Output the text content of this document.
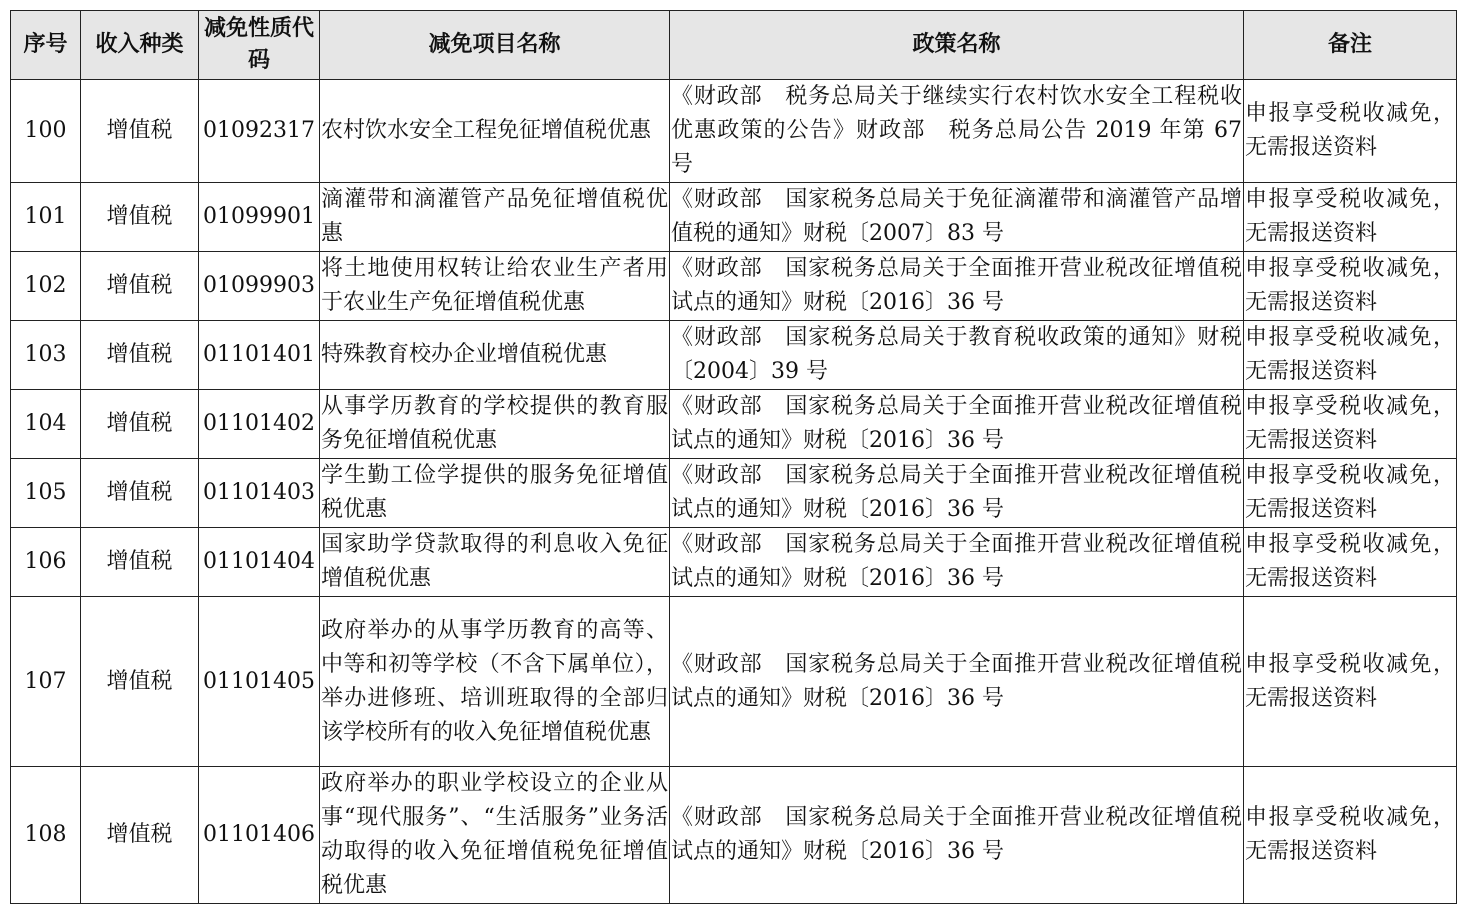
序号	收入种类	减免性质代码	减免项目名称	政策名称	备注
100	增值税	01092317	农村饮水安全工程免征增值税优惠	《财政部　税务总局关于继续实行农村饮水安全工程税收优惠政策的公告》财政部　税务总局公告 2019 年第 67 号	申报享受税收减免，无需报送资料
101	增值税	01099901	滴灌带和滴灌管产品免征增值税优惠	《财政部　国家税务总局关于免征滴灌带和滴灌管产品增值税的通知》财税〔2007〕83 号	申报享受税收减免，无需报送资料
102	增值税	01099903	将土地使用权转让给农业生产者用于农业生产免征增值税优惠	《财政部　国家税务总局关于全面推开营业税改征增值税试点的通知》财税〔2016〕36 号	申报享受税收减免，无需报送资料
103	增值税	01101401	特殊教育校办企业增值税优惠	《财政部　国家税务总局关于教育税收政策的通知》财税〔2004〕39 号	申报享受税收减免，无需报送资料
104	增值税	01101402	从事学历教育的学校提供的教育服务免征增值税优惠	《财政部　国家税务总局关于全面推开营业税改征增值税试点的通知》财税〔2016〕36 号	申报享受税收减免，无需报送资料
105	增值税	01101403	学生勤工俭学提供的服务免征增值税优惠	《财政部　国家税务总局关于全面推开营业税改征增值税试点的通知》财税〔2016〕36 号	申报享受税收减免，无需报送资料
106	增值税	01101404	国家助学贷款取得的利息收入免征增值税优惠	《财政部　国家税务总局关于全面推开营业税改征增值税试点的通知》财税〔2016〕36 号	申报享受税收减免，无需报送资料
107	增值税	01101405	政府举办的从事学历教育的高等、中等和初等学校（不含下属单位），举办进修班、培训班取得的全部归该学校所有的收入免征增值税优惠	《财政部　国家税务总局关于全面推开营业税改征增值税试点的通知》财税〔2016〕36 号	申报享受税收减免，无需报送资料
108	增值税	01101406	政府举办的职业学校设立的企业从事“现代服务”、“生活服务”业务活动取得的收入免征增值税免征增值税优惠	《财政部　国家税务总局关于全面推开营业税改征增值税试点的通知》财税〔2016〕36 号	申报享受税收减免，无需报送资料
